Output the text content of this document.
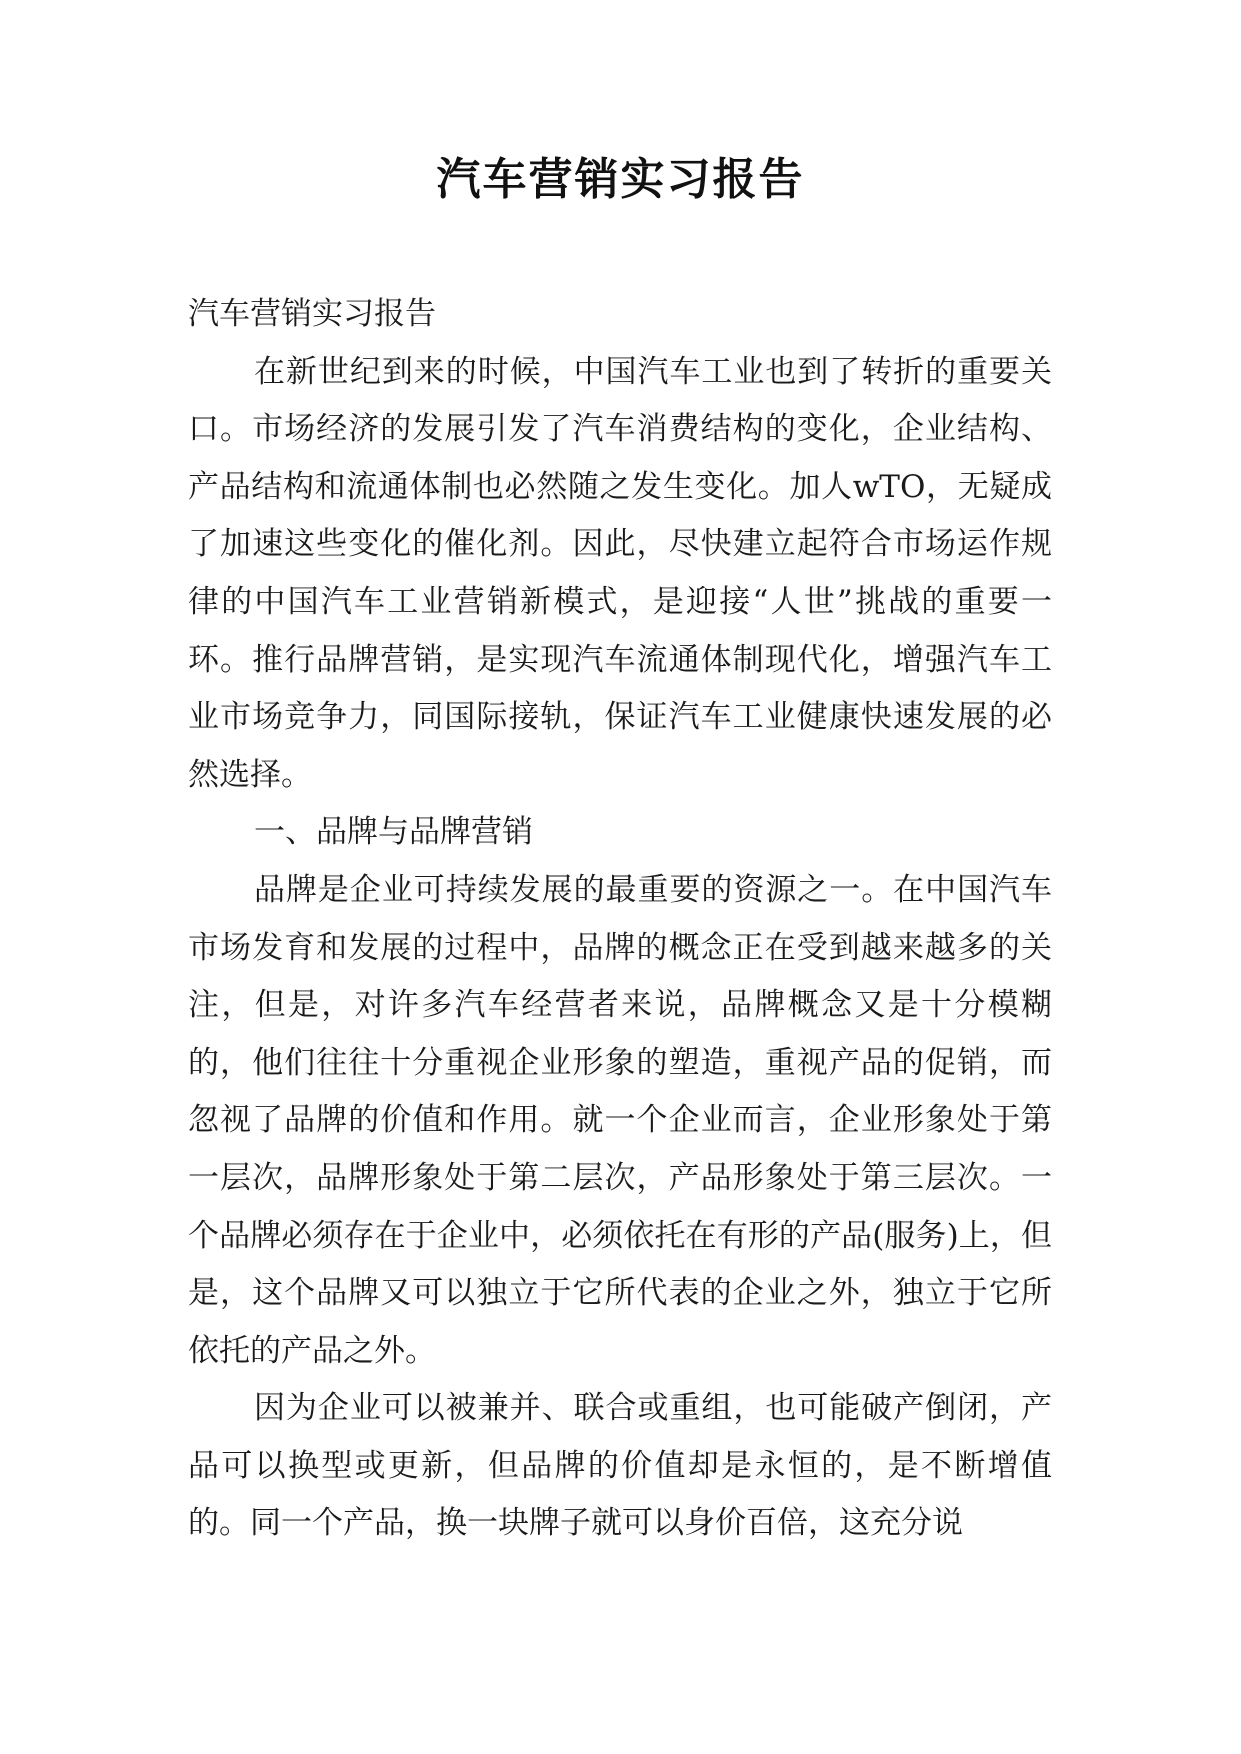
汽车营销实习报告

汽车营销实习报告

在新世纪到来的时候，中国汽车工业也到了转折的重要关口。市场经济的发展引发了汽车消费结构的变化，企业结构、产品结构和流通体制也必然随之发生变化。加人wTO，无疑成了加速这些变化的催化剂。因此，尽快建立起符合市场运作规律的中国汽车工业营销新模式，是迎接“人世”挑战的重要一环。推行品牌营销，是实现汽车流通体制现代化，增强汽车工业市场竞争力，同国际接轨，保证汽车工业健康快速发展的必然选择。

一、品牌与品牌营销

品牌是企业可持续发展的最重要的资源之一。在中国汽车市场发育和发展的过程中，品牌的概念正在受到越来越多的关注，但是，对许多汽车经营者来说，品牌概念又是十分模糊的，他们往往十分重视企业形象的塑造，重视产品的促销，而忽视了品牌的价值和作用。就一个企业而言，企业形象处于第一层次，品牌形象处于第二层次，产品形象处于第三层次。一个品牌必须存在于企业中，必须依托在有形的产品(服务)上，但是，这个品牌又可以独立于它所代表的企业之外，独立于它所依托的产品之外。

因为企业可以被兼并、联合或重组，也可能破产倒闭，产品可以换型或更新，但品牌的价值却是永恒的，是不断增值的。同一个产品，换一块牌子就可以身价百倍，这充分说
